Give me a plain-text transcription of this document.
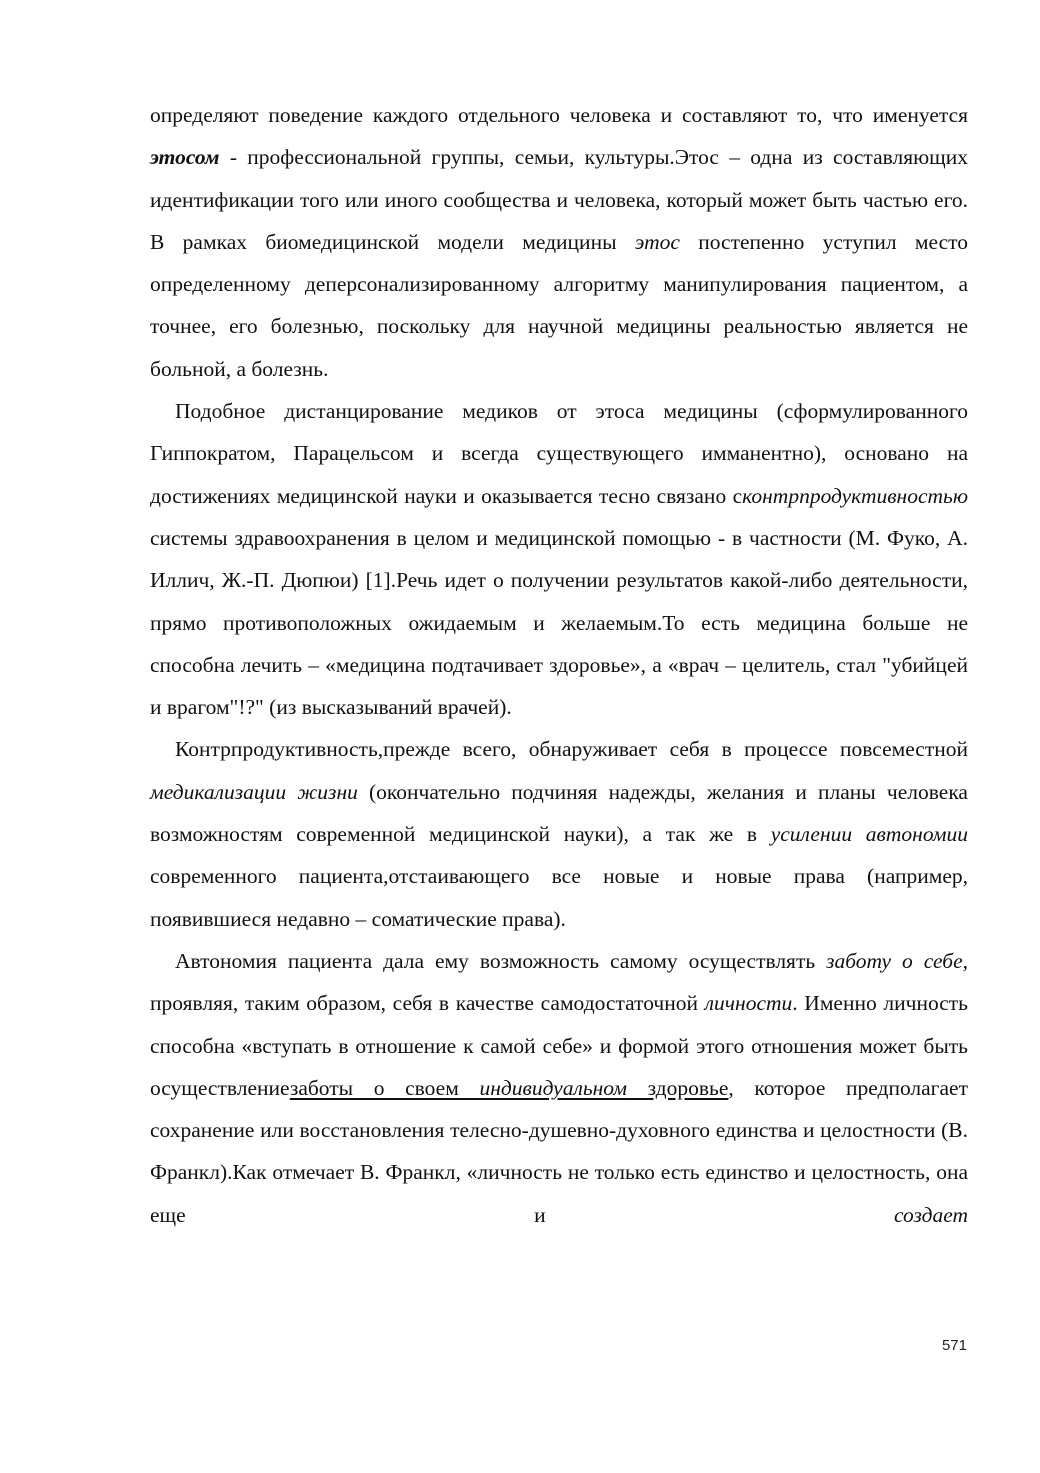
определяют поведение каждого отдельного человека и составляют то, что именуется этосом - профессиональной группы, семьи, культуры.Этос – одна из составляющих идентификации того или иного сообщества и человека, который может быть частью его. В рамках биомедицинской модели медицины этос постепенно уступил место определенному деперсонализированному алгоритму манипулирования пациентом, а точнее, его болезнью, поскольку для научной медицины реальностью является не больной, а болезнь.

Подобное дистанцирование медиков от этоса медицины (сформулированного Гиппократом, Парацельсом и всегда существующего имманентно), основано на достижениях медицинской науки и оказывается тесно связано сконтрпродуктивностью системы здравоохранения в целом и медицинской помощью - в частности (М. Фуко, А. Иллич, Ж.-П. Дюпюи) [1].Речь идет о получении результатов какой-либо деятельности, прямо противоположных ожидаемым и желаемым.То есть медицина больше не способна лечить – «медицина подтачивает здоровье», а «врач – целитель, стал "убийцей и врагом"!?" (из высказываний врачей).

Контрпродуктивность,прежде всего, обнаруживает себя в процессе повсеместной медикализации жизни (окончательно подчиняя надежды, желания и планы человека возможностям современной медицинской науки), а так же в усилении автономии современного пациента,отстаивающего все новые и новые права (например, появившиеся недавно – соматические права).

Автономия пациента дала ему возможность самому осуществлять заботу о себе, проявляя, таким образом, себя в качестве самодостаточной личности. Именно личность способна «вступать в отношение к самой себе» и формой этого отношения может быть осуществлениезаботы о своем индивидуальном здоровье, которое предполагает сохранение или восстановления телесно-душевно-духовного единства и целостности (В. Франкл).Как отмечает В. Франкл, «личность не только есть единство и целостность, она еще и создает

571
